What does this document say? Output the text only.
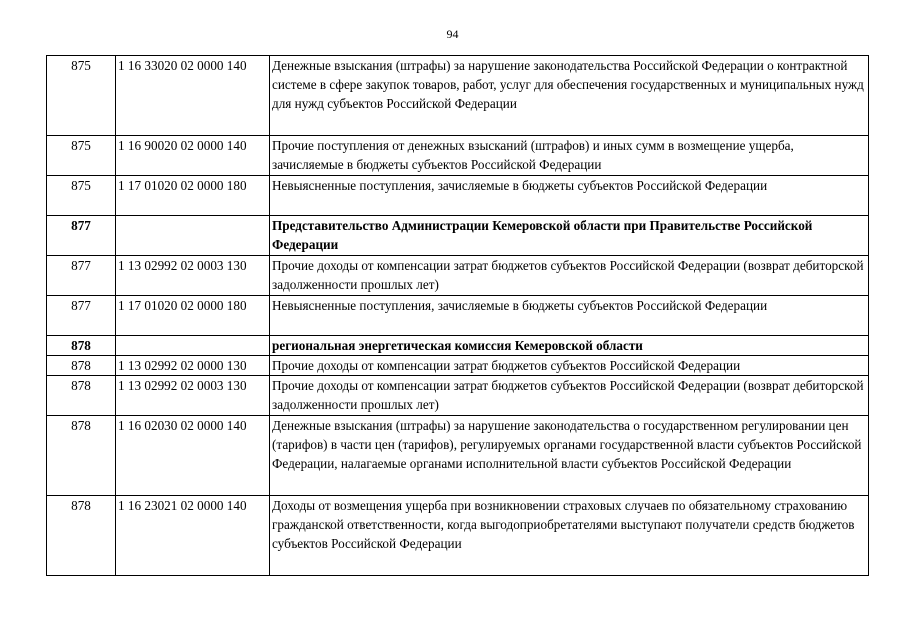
94
875	1 16 33020 02 0000 140	Денежные взыскания (штрафы) за нарушение законодательства Российской Федерации о контрактной системе в сфере закупок товаров, работ, услуг для обеспечения государственных и муниципальных нужд для нужд субъектов Российской Федерации
875	1 16 90020 02 0000 140	Прочие поступления от денежных взысканий (штрафов) и иных сумм в возмещение ущерба, зачисляемые в бюджеты субъектов Российской Федерации
875	1 17 01020 02 0000 180	Невыясненные поступления, зачисляемые в бюджеты субъектов Российской Федерации
877		Представительство Администрации Кемеровской области при Правительстве Российской Федерации
877	1 13 02992 02 0003 130	Прочие доходы от компенсации затрат бюджетов субъектов Российской Федерации (возврат дебиторской задолженности прошлых лет)
877	1 17 01020 02 0000 180	Невыясненные поступления, зачисляемые в бюджеты субъектов Российской Федерации
878		региональная энергетическая комиссия Кемеровской области
878	1 13 02992 02 0000 130	Прочие доходы от компенсации затрат бюджетов субъектов Российской Федерации
878	1 13 02992 02 0003 130	Прочие доходы от компенсации затрат бюджетов субъектов Российской Федерации (возврат дебиторской задолженности прошлых лет)
878	1 16 02030 02 0000 140	Денежные взыскания (штрафы) за нарушение законодательства о государственном регулировании цен (тарифов) в части цен (тарифов), регулируемых органами государственной власти субъектов Российской Федерации, налагаемые органами исполнительной власти субъектов Российской Федерации
878	1 16 23021 02 0000 140	Доходы от возмещения ущерба при возникновении страховых случаев по обязательному страхованию гражданской ответственности, когда выгодоприобретателями выступают получатели средств бюджетов субъектов Российской Федерации
